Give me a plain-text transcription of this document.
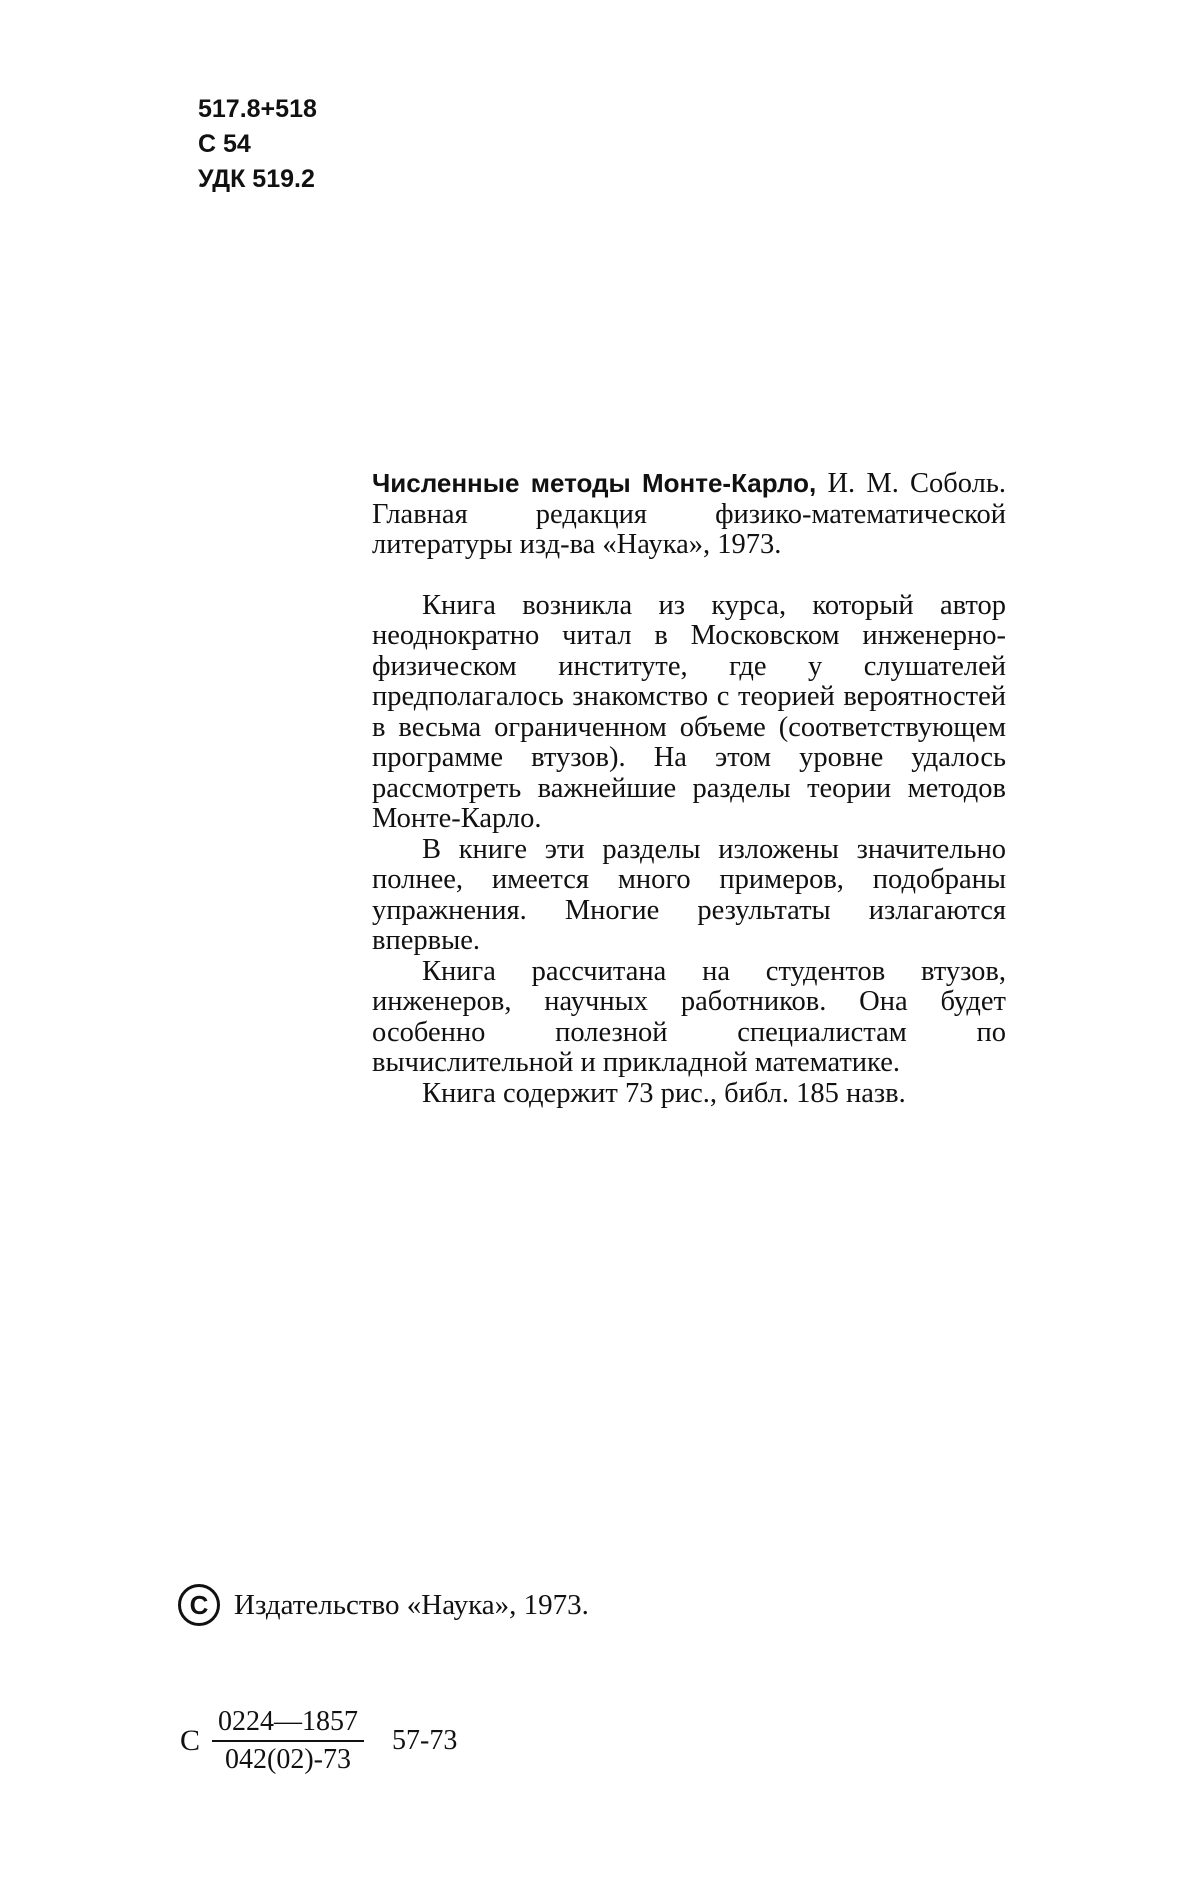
517.8+518
С 54
УДК 519.2

Численные методы Монте-Карло, И. М. Соболь. Главная редакция физико-математической литературы изд-ва «Наука», 1973.

Книга возникла из курса, который автор неоднократно читал в Московском инженерно-физическом институте, где у слушателей предполагалось знакомство с теорией вероятностей в весьма ограниченном объеме (соответствующем программе втузов). На этом уровне удалось рассмотреть важнейшие разделы теории методов Монте-Карло.

В книге эти разделы изложены значительно полнее, имеется много примеров, подобраны упражнения. Многие результаты излагаются впервые.

Книга рассчитана на студентов втузов, инженеров, научных работников. Она будет особенно полезной специалистам по вычислительной и прикладной математике.

Книга содержит 73 рис., библ. 185 назв.

C Издательство «Наука», 1973.
С $\frac{0224—1857}{042(02)-73} 57-73$
